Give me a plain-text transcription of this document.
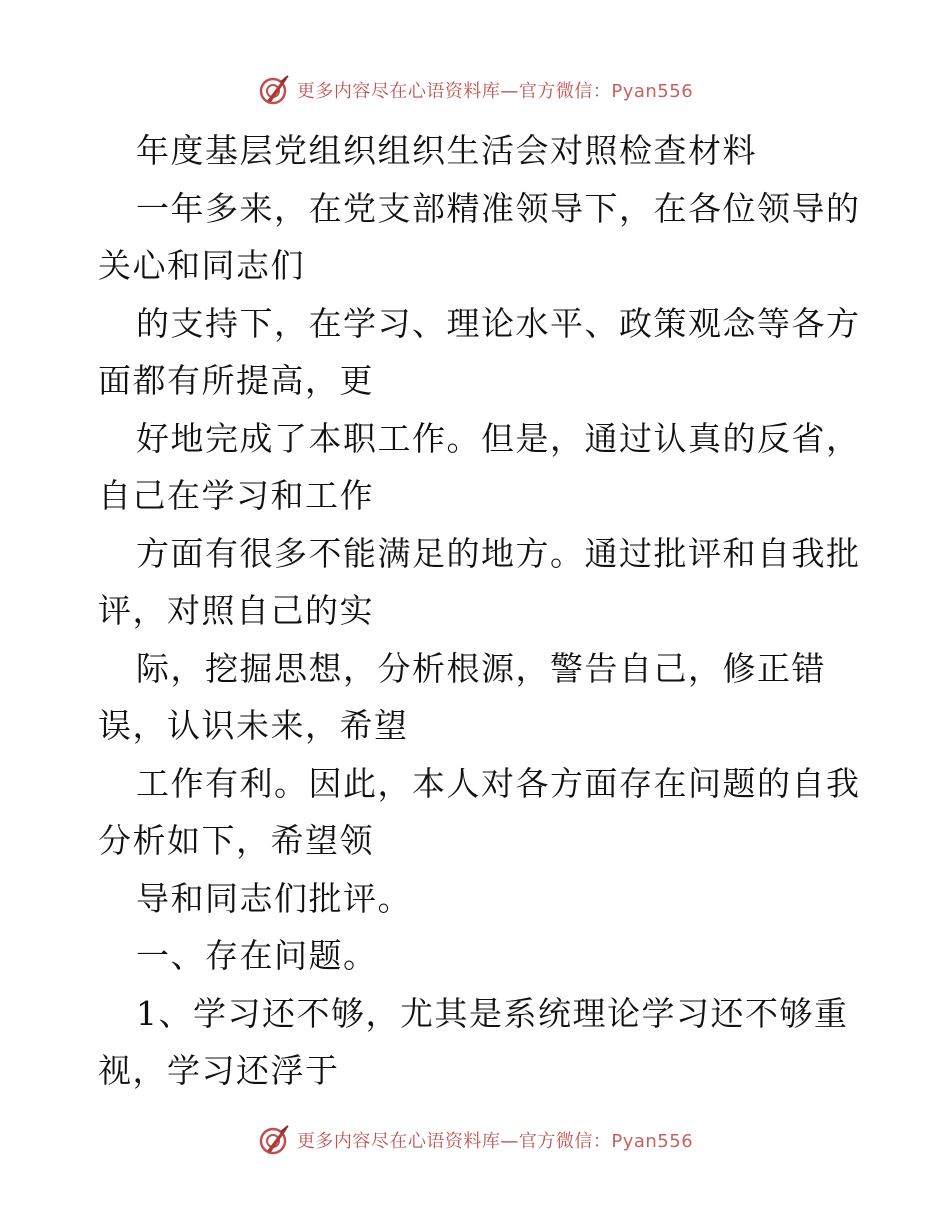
更多内容尽在心语资料库—官方微信：Pyan556
年度基层党组织组织生活会对照检查材料
一年多来，在党支部精准领导下，在各位领导的
关心和同志们
的支持下，在学习、理论水平、政策观念等各方
面都有所提高，更
好地完成了本职工作。但是，通过认真的反省，
自己在学习和工作
方面有很多不能满足的地方。通过批评和自我批
评，对照自己的实
际，挖掘思想，分析根源，警告自己，修正错
误，认识未来，希望
工作有利。因此，本人对各方面存在问题的自我
分析如下，希望领
导和同志们批评。
一、存在问题。
1、学习还不够，尤其是系统理论学习还不够重
视，学习还浮于
更多内容尽在心语资料库—官方微信：Pyan556
